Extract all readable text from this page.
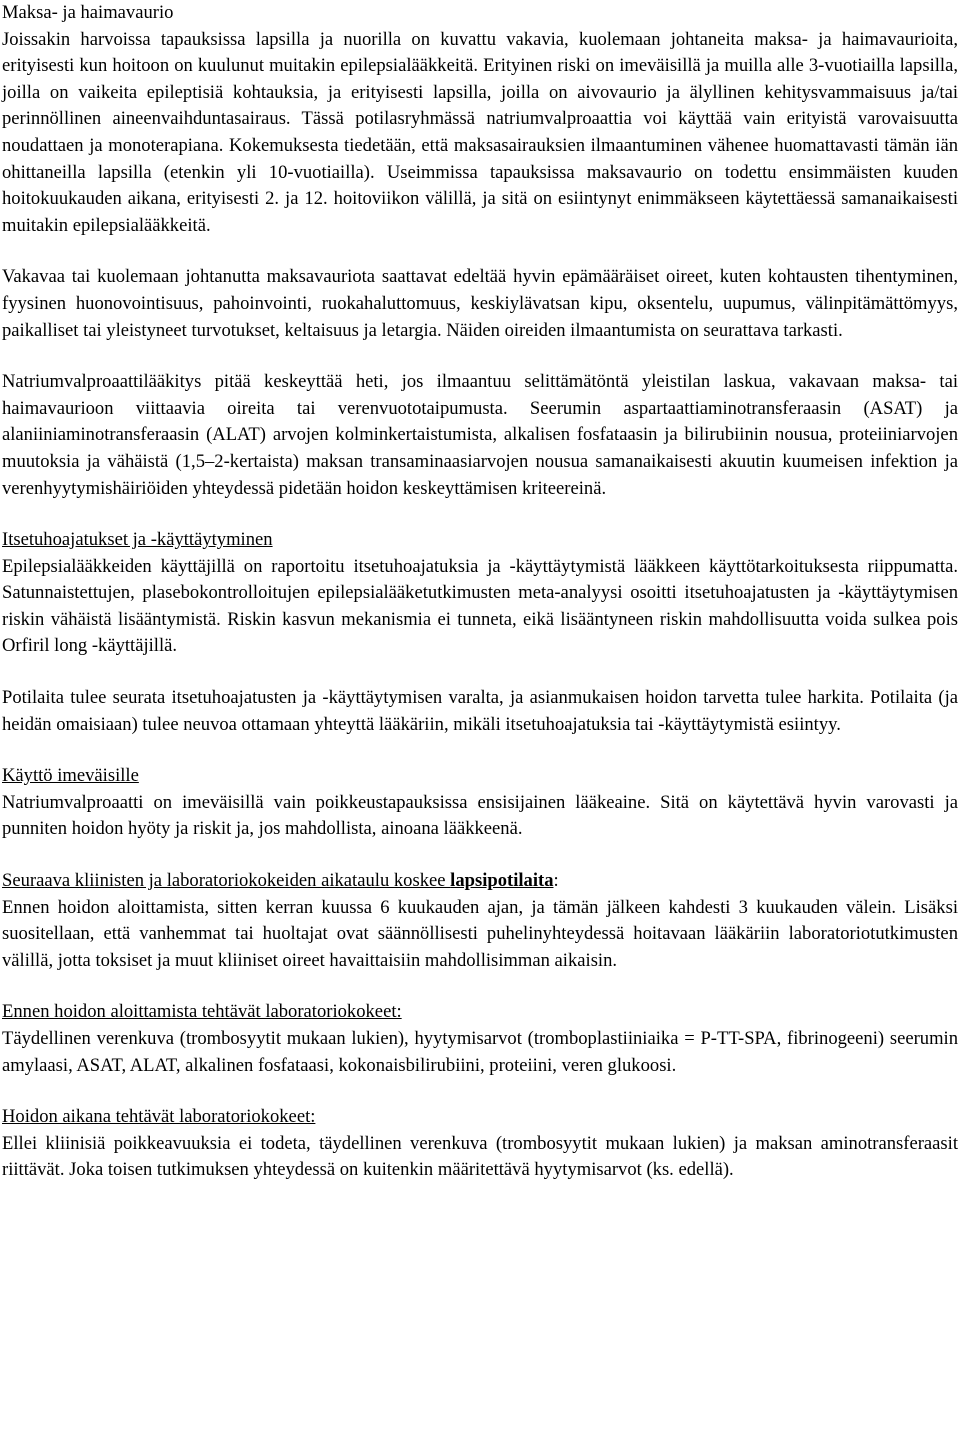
Maksa- ja haimavaurio

Joissakin harvoissa tapauksissa lapsilla ja nuorilla on kuvattu vakavia, kuolemaan johtaneita maksa- ja haimavaurioita, erityisesti kun hoitoon on kuulunut muitakin epilepsialääkkeitä. Erityinen riski on imeväisillä ja muilla alle 3-vuotiailla lapsilla, joilla on vaikeita epileptisiä kohtauksia, ja erityisesti lapsilla, joilla on aivovaurio ja älyllinen kehitysvammaisuus ja/tai perinnöllinen aineenvaihduntasairaus. Tässä potilasryhmässä natriumvalproaattia voi käyttää vain erityistä varovaisuutta noudattaen ja monoterapiana. Kokemuksesta tiedetään, että maksasairauksien ilmaantuminen vähenee huomattavasti tämän iän ohittaneilla lapsilla (etenkin yli 10-vuotiailla). Useimmissa tapauksissa maksavaurio on todettu ensimmäisten kuuden hoitokuukauden aikana, erityisesti 2. ja 12. hoitoviikon välillä, ja sitä on esiintynyt enimmäkseen käytettäessä samanaikaisesti muitakin epilepsialääkkeitä.

Vakavaa tai kuolemaan johtanutta maksavauriota saattavat edeltää hyvin epämääräiset oireet, kuten kohtausten tihentyminen, fyysinen huonovointisuus, pahoinvointi, ruokahaluttomuus, keskiylävatsan kipu, oksentelu, uupumus, välinpitämättömyys, paikalliset tai yleistyneet turvotukset, keltaisuus ja letargia. Näiden oireiden ilmaantumista on seurattava tarkasti.

Natriumvalproaattilääkitys pitää keskeyttää heti, jos ilmaantuu selittämätöntä yleistilan laskua, vakavaan maksa- tai haimavaurioon viittaavia oireita tai verenvuototaipumusta. Seerumin aspartaattiaminotransferaasin (ASAT) ja alaniiniaminotransferaasin (ALAT) arvojen kolminkertaistumista, alkalisen fosfataasin ja bilirubiinin nousua, proteiiniarvojen muutoksia ja vähäistä (1,5–2-kertaista) maksan transaminaasiarvojen nousua samanaikaisesti akuutin kuumeisen infektion ja verenhyytymishäiriöiden yhteydessä pidetään hoidon keskeyttämisen kriteereinä.

Itsetuhoajatukset ja -käyttäytyminen

Epilepsialääkkeiden käyttäjillä on raportoitu itsetuhoajatuksia ja -käyttäytymistä lääkkeen käyttötarkoituksesta riippumatta. Satunnaistettujen, plasebokontrolloitujen epilepsialääketutkimusten meta-analyysi osoitti itsetuhoajatusten ja -käyttäytymisen riskin vähäistä lisääntymistä. Riskin kasvun mekanismia ei tunneta, eikä lisääntyneen riskin mahdollisuutta voida sulkea pois Orfiril long -käyttäjillä.

Potilaita tulee seurata itsetuhoajatusten ja -käyttäytymisen varalta, ja asianmukaisen hoidon tarvetta tulee harkita. Potilaita (ja heidän omaisiaan) tulee neuvoa ottamaan yhteyttä lääkäriin, mikäli itsetuhoajatuksia tai -käyttäytymistä esiintyy.

Käyttö imeväisille

Natriumvalproaatti on imeväisillä vain poikkeustapauksissa ensisijainen lääkeaine. Sitä on käytettävä hyvin varovasti ja punniten hoidon hyöty ja riskit ja, jos mahdollista, ainoana lääkkeenä.

Seuraava kliinisten ja laboratoriokokeiden aikataulu koskee lapsipotilaita:

Ennen hoidon aloittamista, sitten kerran kuussa 6 kuukauden ajan, ja tämän jälkeen kahdesti 3 kuukauden välein. Lisäksi suositellaan, että vanhemmat tai huoltajat ovat säännöllisesti puhelinyhteydessä hoitavaan lääkäriin laboratoriotutkimusten välillä, jotta toksiset ja muut kliiniset oireet havaittaisiin mahdollisimman aikaisin.

Ennen hoidon aloittamista tehtävät laboratoriokokeet:

Täydellinen verenkuva (trombosyytit mukaan lukien), hyytymisarvot (tromboplastiiniaika = P-TT-SPA, fibrinogeeni) seerumin amylaasi, ASAT, ALAT, alkalinen fosfataasi, kokonaisbilirubiini, proteiini, veren glukoosi.

Hoidon aikana tehtävät laboratoriokokeet:

Ellei kliinisiä poikkeavuuksia ei todeta, täydellinen verenkuva (trombosyytit mukaan lukien) ja maksan aminotransferaasit riittävät. Joka toisen tutkimuksen yhteydessä on kuitenkin määritettävä hyytymisarvot (ks. edellä).
